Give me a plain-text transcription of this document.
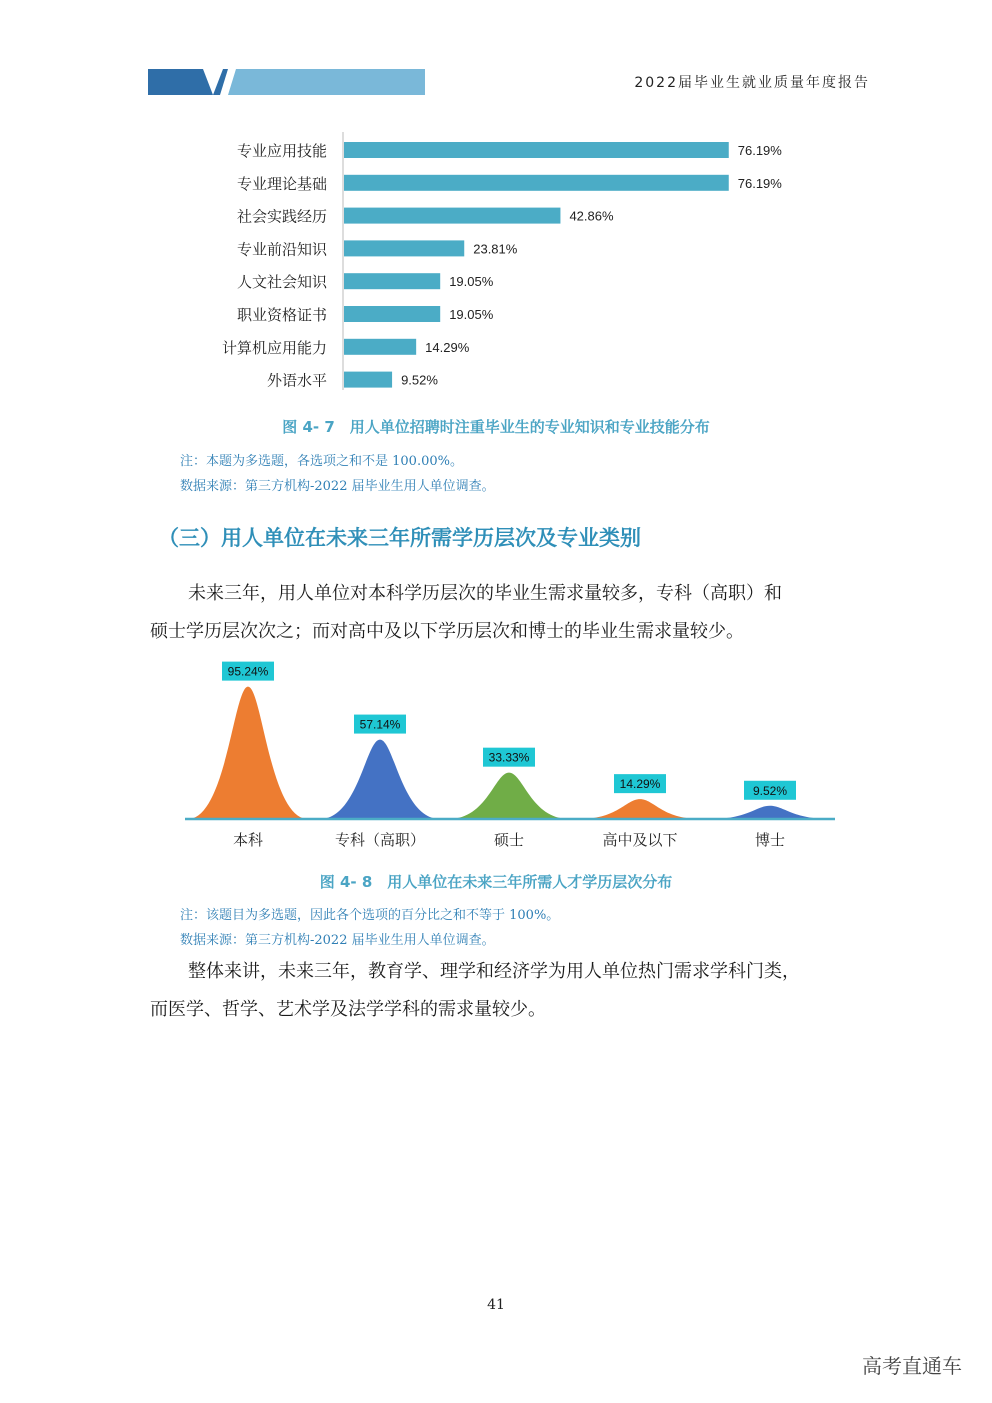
2022届毕业生就业质量年度报告
专业应用技能	76.19%
专业理论基础	76.19%
社会实践经历	42.86%
专业前沿知识	23.81%
人文社会知识	19.05%
职业资格证书	19.05%
计算机应用能力	14.29%
外语水平	9.52%
图 4- 7　用人单位招聘时注重毕业生的专业知识和专业技能分布
注：本题为多选题，各选项之和不是 100.00%。
数据来源：第三方机构-2022 届毕业生用人单位调查。
（三）用人单位在未来三年所需学历层次及专业类别
未来三年，用人单位对本科学历层次的毕业生需求量较多，专科（高职）和
硕士学历层次次之；而对高中及以下学历层次和博士的毕业生需求量较少。
95.24%
本科
57.14%
专科（高职）
33.33%
硕士
14.29%
高中及以下
9.52%
博士
图 4- 8　用人单位在未来三年所需人才学历层次分布
注：该题目为多选题，因此各个选项的百分比之和不等于 100%。
数据来源：第三方机构-2022 届毕业生用人单位调查。
整体来讲，未来三年，教育学、理学和经济学为用人单位热门需求学科门类，
而医学、哲学、艺术学及法学学科的需求量较少。
41
高考直通车
